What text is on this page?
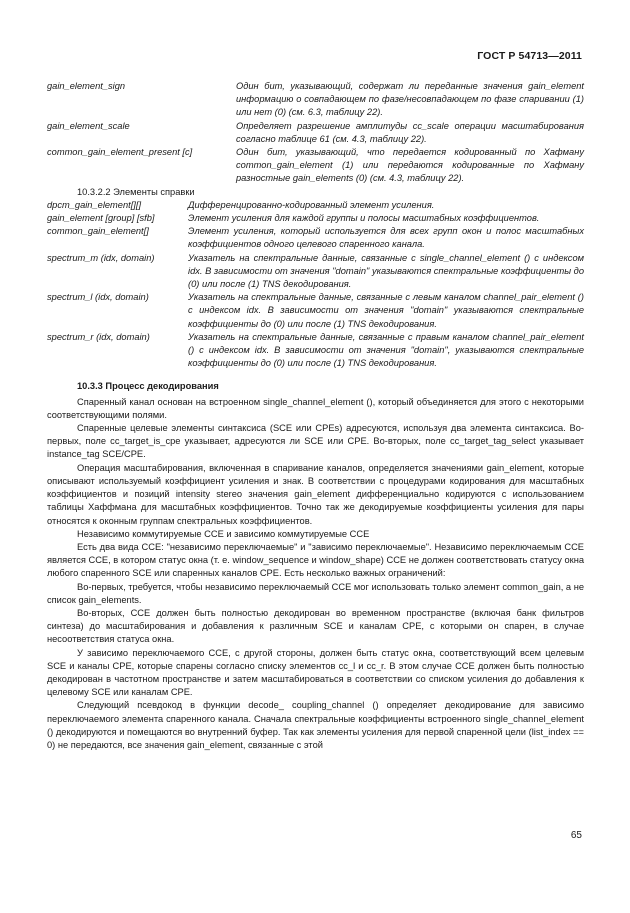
ГОСТ Р 54713—2011
gain_element_sign	Один бит, указывающий, содержат ли переданные значения gain_element информацию о совпадающем по фазе/несовпадающем по фазе спаривании (1) или нет (0) (см. 6.3, таблицу 22).
gain_element_scale	Определяет разрешение амплитуды cc_scale операции масштабирования согласно таблице 61 (см. 4.3, таблицу 22).
common_gain_element_present [c]	Один бит, указывающий, что передается кодированный по Хафману common_gain_element (1) или передаются кодированные по Хафману разностные gain_elements (0) (см. 4.3, таблицу 22).
10.3.2.2 Элементы справки
dpcm_gain_element[][]	Дифференцированно-кодированный элемент усиления.
gain_element [group] [sfb]	Элемент усиления для каждой группы и полосы масштабных коэффициентов.
common_gain_element[]	Элемент усиления, который используется для всех групп окон и полос масштабных коэффициентов одного целевого спаренного канала.
spectrum_m (idx, domain)	Указатель на спектральные данные, связанные с single_channel_element () с индексом idx. В зависимости от значения "domain" указываются спектральные коэффициенты до (0) или после (1) TNS декодирования.
spectrum_l (idx, domain)	Указатель на спектральные данные, связанные с левым каналом channel_pair_element () с индексом idx. В зависимости от значения "domain" указываются спектральные коэффициенты до (0) или после (1) TNS декодирования.
spectrum_r (idx, domain)	Указатель на спектральные данные, связанные с правым каналом channel_pair_element () с индексом idx. В зависимости от значения "domain", указываются спектральные коэффициенты до (0) или после (1) TNS декодирования.
10.3.3 Процесс декодирования

Спаренный канал основан на встроенном single_channel_element (), который объединяется для этого с некоторыми соответствующими полями.

Спаренные целевые элементы синтаксиса (SCE или CPEs) адресуются, используя два элемента синтаксиса. Во-первых, поле cc_target_is_cpe указывает, адресуются ли SCE или CPE. Во-вторых, поле cc_target_tag_select указывает instance_tag SCE/CPE.

Операция масштабирования, включенная в спаривание каналов, определяется значениями gain_element, которые описывают используемый коэффициент усиления и знак. В соответствии с процедурами кодирования для масштабных коэффициентов и позиций intensity stereo значения gain_element дифференциально кодируются с использованием таблицы Хаффмана для масштабных коэффициентов. Точно так же декодируемые коэффициенты усиления для пары относятся к оконным группам спектральных коэффициентов.

Независимо коммутируемые CCE и зависимо коммутируемые CCE

Есть два вида CCE: "независимо переключаемые" и "зависимо переключаемые". Независимо переключаемым CCE является CCE, в котором статус окна (т. е. window_sequence и window_shape) CCE не должен соответствовать статусу окна любого спаренного SCE или спаренных каналов CPE. Есть несколько важных ограничений:

Во-первых, требуется, чтобы независимо переключаемый CCE мог использовать только элемент common_gain, а не список gain_elements.

Во-вторых, CCE должен быть полностью декодирован во временном пространстве (включая банк фильтров синтеза) до масштабирования и добавления к различным SCE и каналам CPE, с которыми он спарен, в случае несоответствия статуса окна.

У зависимо переключаемого CCE, с другой стороны, должен быть статус окна, соответствующий всем целевым SCE и каналы CPE, которые спарены согласно списку элементов cc_l и cc_r. В этом случае CCE должен быть полностью декодирован в частотном пространстве и затем масштабироваться в соответствии со списком усиления до добавления к целевому SCE или каналам CPE.

Следующий псевдокод в функции decode_ coupling_channel () определяет декодирование для зависимо переключаемого элемента спаренного канала. Сначала спектральные коэффициенты встроенного single_channel_element () декодируются и помещаются во внутренний буфер. Так как элементы усиления для первой спаренной цели (list_index == 0) не передаются, все значения gain_element, связанные с этой

65
